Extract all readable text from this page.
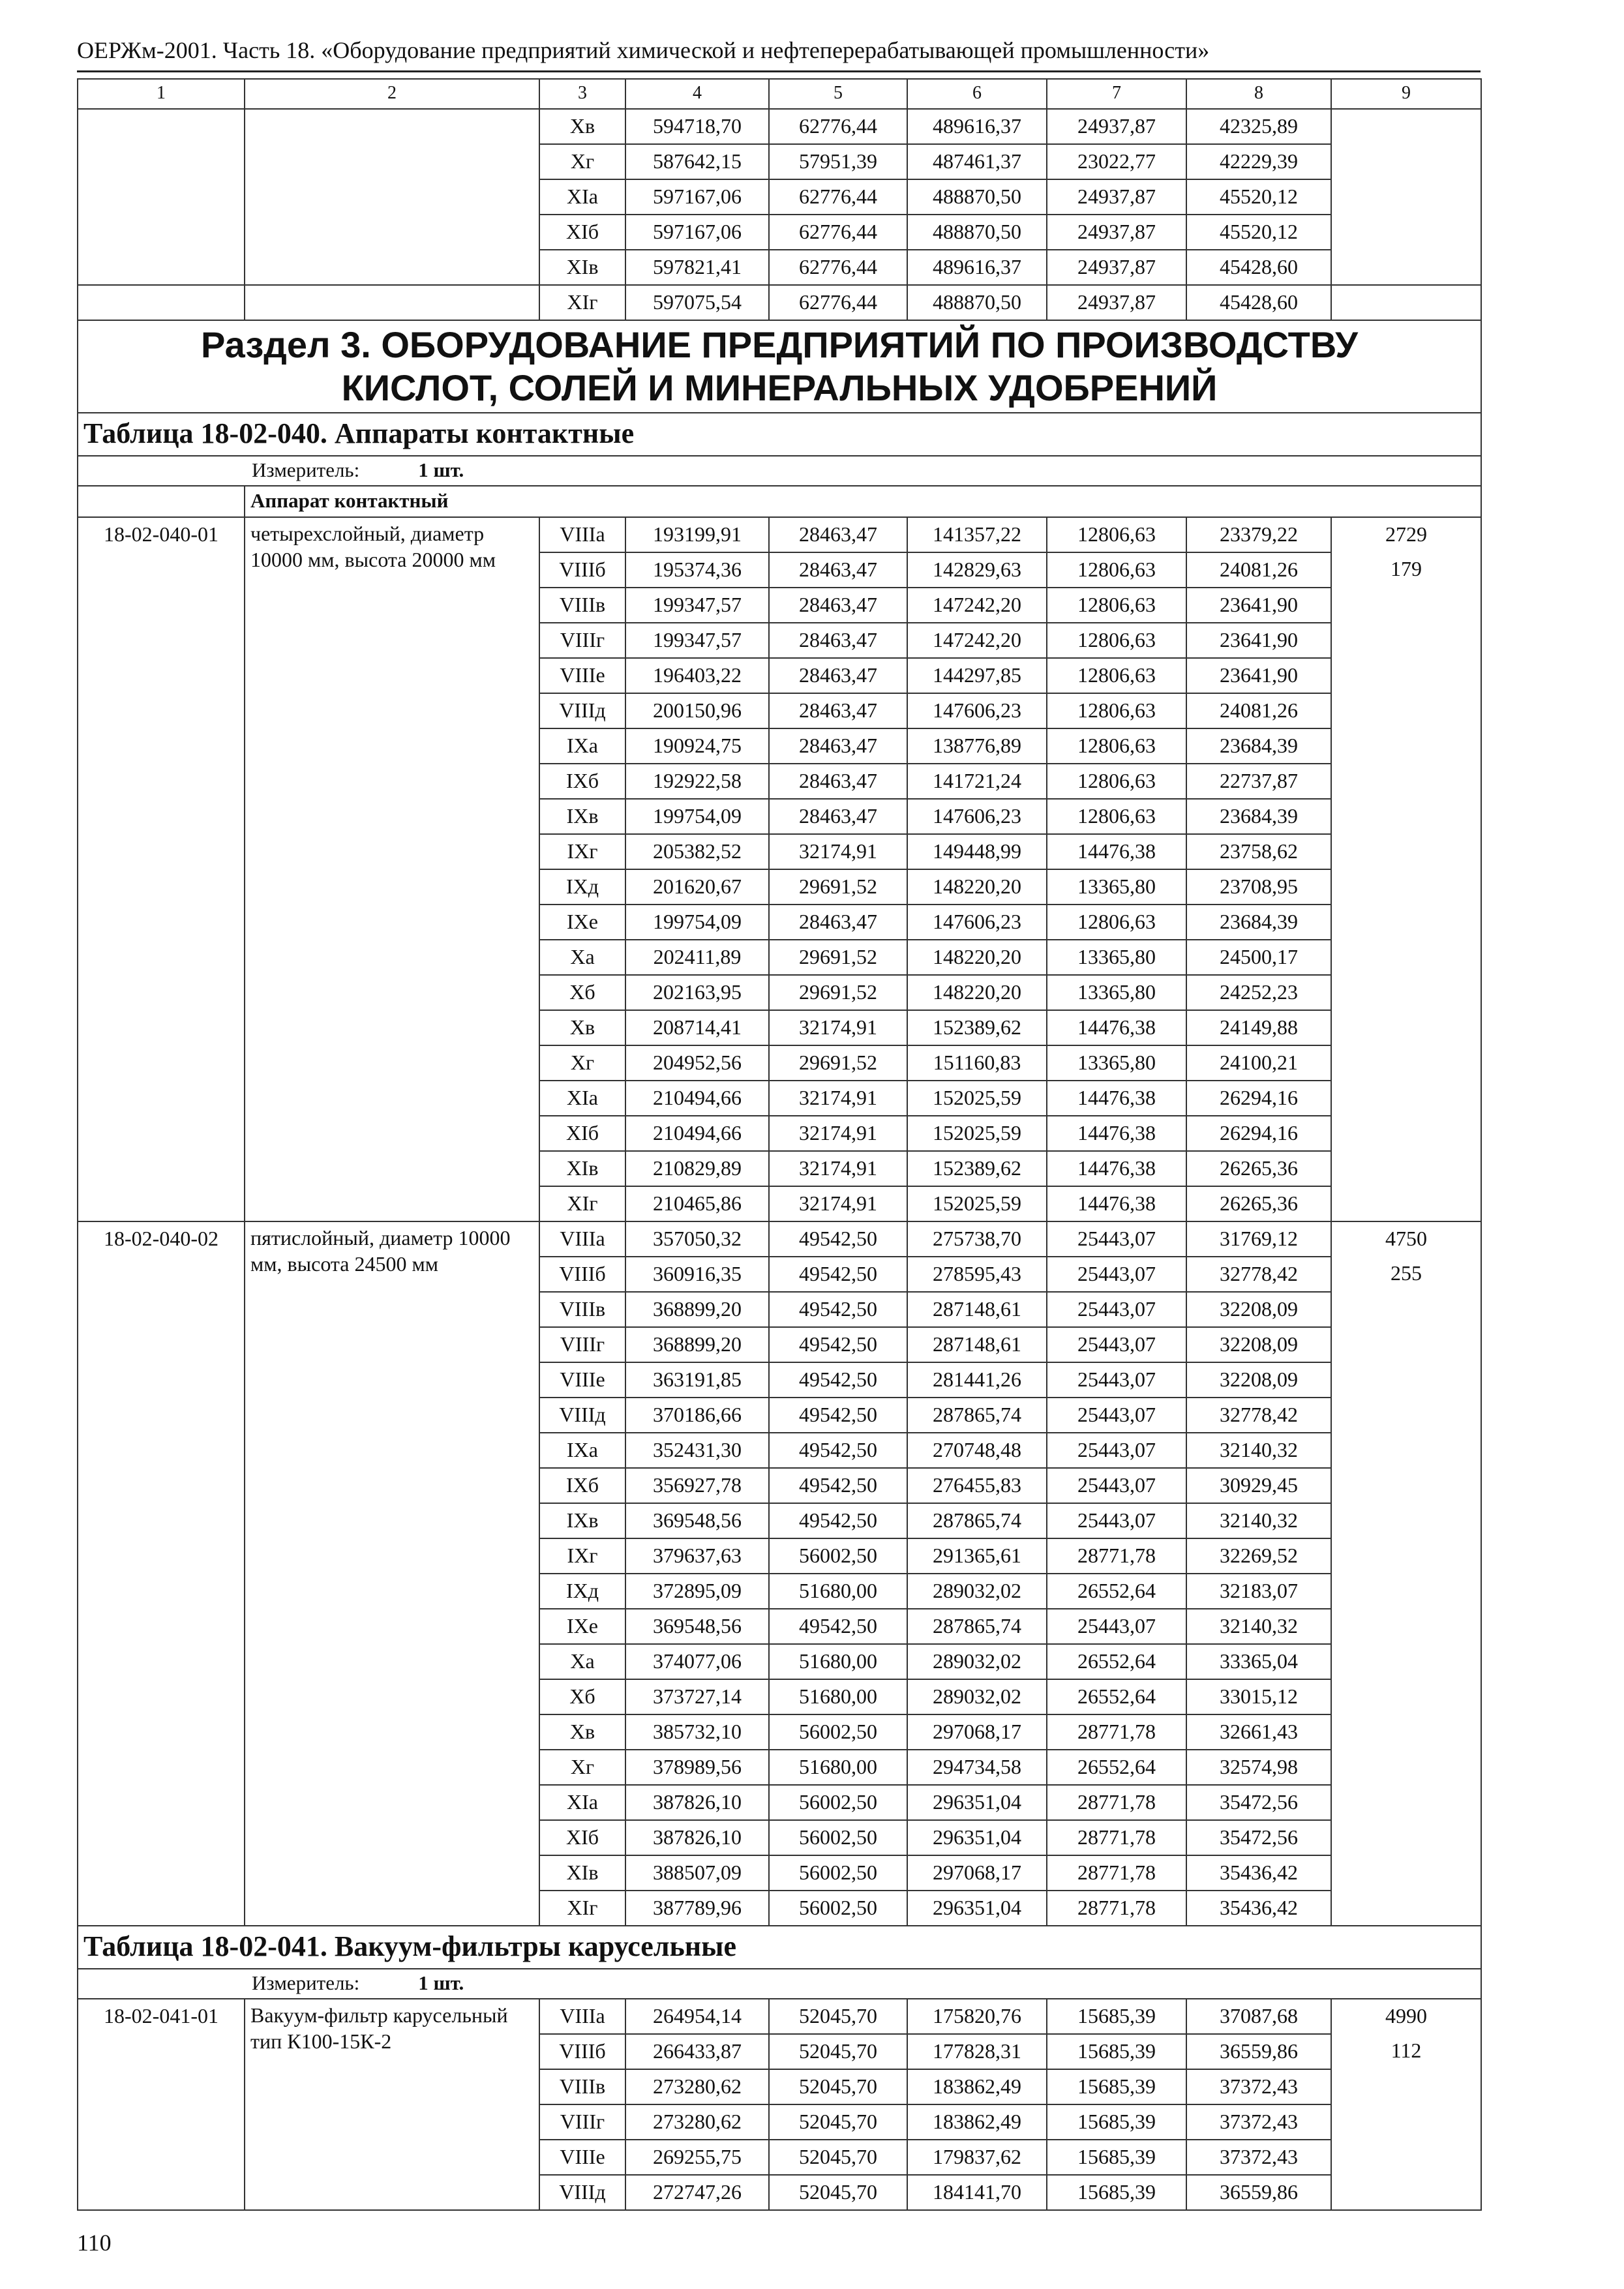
ОЕРЖм-2001. Часть 18. «Оборудование предприятий химической и нефтеперерабатывающей промышленности»
1	2	3	4	5	6	7	8	9
		Хв	594718,70	62776,44	489616,37	24937,87	42325,89	
		Хг	587642,15	57951,39	487461,37	23022,77	42229,39	
		ХIа	597167,06	62776,44	488870,50	24937,87	45520,12	
		ХIб	597167,06	62776,44	488870,50	24937,87	45520,12	
		ХIв	597821,41	62776,44	489616,37	24937,87	45428,60	
		ХIг	597075,54	62776,44	488870,50	24937,87	45428,60	

Раздел 3. ОБОРУДОВАНИЕ ПРЕДПРИЯТИЙ ПО ПРОИЗВОДСТВУ
КИСЛОТ, СОЛЕЙ И МИНЕРАЛЬНЫХ УДОБРЕНИЙ								

Таблица 18-02-040. Аппараты контактные								
Измеритель: 1 шт.								
	Аппарат контактный							
18-02-040-01	четырехслойный, диаметр 10000 мм, высота 20000 мм	VIIIа	193199,91	28463,47	141357,22	12806,63	23379,22	2729
		VIIIб	195374,36	28463,47	142829,63	12806,63	24081,26	179
		VIIIв	199347,57	28463,47	147242,20	12806,63	23641,90	
		VIIIг	199347,57	28463,47	147242,20	12806,63	23641,90	
		VIIIе	196403,22	28463,47	144297,85	12806,63	23641,90	
		VIIIд	200150,96	28463,47	147606,23	12806,63	24081,26	
		IXа	190924,75	28463,47	138776,89	12806,63	23684,39	
		IXб	192922,58	28463,47	141721,24	12806,63	22737,87	
		IXв	199754,09	28463,47	147606,23	12806,63	23684,39	
		IXг	205382,52	32174,91	149448,99	14476,38	23758,62	
		IXд	201620,67	29691,52	148220,20	13365,80	23708,95	
		IXе	199754,09	28463,47	147606,23	12806,63	23684,39	
		Ха	202411,89	29691,52	148220,20	13365,80	24500,17	
		Хб	202163,95	29691,52	148220,20	13365,80	24252,23	
		Хв	208714,41	32174,91	152389,62	14476,38	24149,88	
		Хг	204952,56	29691,52	151160,83	13365,80	24100,21	
		ХIа	210494,66	32174,91	152025,59	14476,38	26294,16	
		ХIб	210494,66	32174,91	152025,59	14476,38	26294,16	
		ХIв	210829,89	32174,91	152389,62	14476,38	26265,36	
		ХIг	210465,86	32174,91	152025,59	14476,38	26265,36	
18-02-040-02	пятислойный, диаметр 10000 мм, высота 24500 мм	VIIIа	357050,32	49542,50	275738,70	25443,07	31769,12	4750
		VIIIб	360916,35	49542,50	278595,43	25443,07	32778,42	255
		VIIIв	368899,20	49542,50	287148,61	25443,07	32208,09	
		VIIIг	368899,20	49542,50	287148,61	25443,07	32208,09	
		VIIIе	363191,85	49542,50	281441,26	25443,07	32208,09	
		VIIIд	370186,66	49542,50	287865,74	25443,07	32778,42	
		IXа	352431,30	49542,50	270748,48	25443,07	32140,32	
		IXб	356927,78	49542,50	276455,83	25443,07	30929,45	
		IXв	369548,56	49542,50	287865,74	25443,07	32140,32	
		IXг	379637,63	56002,50	291365,61	28771,78	32269,52	
		IXд	372895,09	51680,00	289032,02	26552,64	32183,07	
		IXе	369548,56	49542,50	287865,74	25443,07	32140,32	
		Ха	374077,06	51680,00	289032,02	26552,64	33365,04	
		Хб	373727,14	51680,00	289032,02	26552,64	33015,12	
		Хв	385732,10	56002,50	297068,17	28771,78	32661,43	
		Хг	378989,56	51680,00	294734,58	26552,64	32574,98	
		ХIа	387826,10	56002,50	296351,04	28771,78	35472,56	
		ХIб	387826,10	56002,50	296351,04	28771,78	35472,56	
		ХIв	388507,09	56002,50	297068,17	28771,78	35436,42	
		ХIг	387789,96	56002,50	296351,04	28771,78	35436,42	
Таблица 18-02-041. Вакуум-фильтры карусельные								
Измеритель: 1 шт.								
18-02-041-01	Вакуум-фильтр карусельный тип К100-15К-2	VIIIа	264954,14	52045,70	175820,76	15685,39	37087,68	4990
		VIIIб	266433,87	52045,70	177828,31	15685,39	36559,86	112
		VIIIв	273280,62	52045,70	183862,49	15685,39	37372,43	
		VIIIг	273280,62	52045,70	183862,49	15685,39	37372,43	
		VIIIе	269255,75	52045,70	179837,62	15685,39	37372,43	
		VIIIд	272747,26	52045,70	184141,70	15685,39	36559,86	
110
